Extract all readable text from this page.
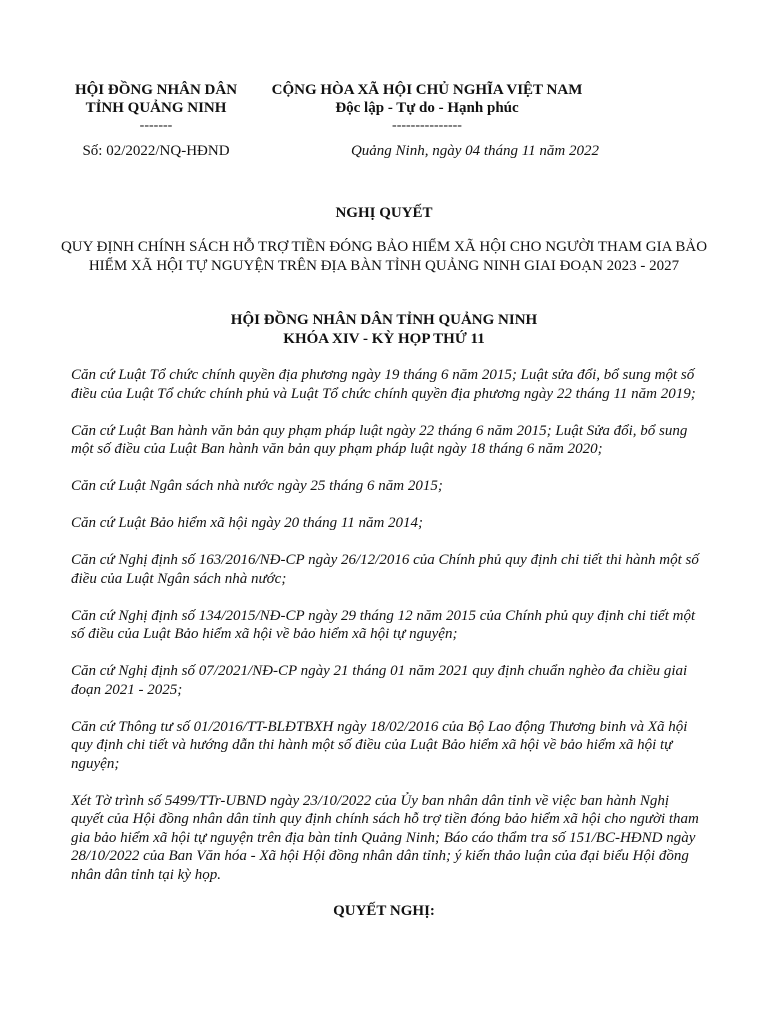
HỘI ĐỒNG NHÂN DÂN
TỈNH QUẢNG NINH
-------
CỘNG HÒA XÃ HỘI CHỦ NGHĨA VIỆT NAM
Độc lập - Tự do - Hạnh phúc
---------------
Số: 02/2022/NQ-HĐND	Quảng Ninh, ngày 04 tháng 11 năm 2022
NGHỊ QUYẾT
QUY ĐỊNH CHÍNH SÁCH HỖ TRỢ TIỀN ĐÓNG BẢO HIỂM XÃ HỘI CHO NGƯỜI THAM GIA BẢO HIỂM XÃ HỘI TỰ NGUYỆN TRÊN ĐỊA BÀN TỈNH QUẢNG NINH GIAI ĐOẠN 2023 - 2027
HỘI ĐỒNG NHÂN DÂN TỈNH QUẢNG NINH
KHÓA XIV - KỲ HỌP THỨ 11

Căn cứ Luật Tổ chức chính quyền địa phương ngày 19 tháng 6 năm 2015; Luật sửa đổi, bổ sung một số điều của Luật Tổ chức chính phủ và Luật Tổ chức chính quyền địa phương ngày 22 tháng 11 năm 2019;

Căn cứ Luật Ban hành văn bản quy phạm pháp luật ngày 22 tháng 6 năm 2015; Luật Sửa đổi, bổ sung một số điều của Luật Ban hành văn bản quy phạm pháp luật ngày 18 tháng 6 năm 2020;

Căn cứ Luật Ngân sách nhà nước ngày 25 tháng 6 năm 2015;

Căn cứ Luật Bảo hiểm xã hội ngày 20 tháng 11 năm 2014;

Căn cứ Nghị định số 163/2016/NĐ-CP ngày 26/12/2016 của Chính phủ quy định chi tiết thi hành một số điều của Luật Ngân sách nhà nước;

Căn cứ Nghị định số 134/2015/NĐ-CP ngày 29 tháng 12 năm 2015 của Chính phủ quy định chi tiết một số điều của Luật Bảo hiểm xã hội về bảo hiểm xã hội tự nguyện;

Căn cứ Nghị định số 07/2021/NĐ-CP ngày 21 tháng 01 năm 2021 quy định chuẩn nghèo đa chiều giai đoạn 2021 - 2025;

Căn cứ Thông tư số 01/2016/TT-BLĐTBXH ngày 18/02/2016 của Bộ Lao động Thương binh và Xã hội quy định chi tiết và hướng dẫn thi hành một số điều của Luật Bảo hiểm xã hội về bảo hiểm xã hội tự nguyện;

Xét Tờ trình số 5499/TTr-UBND ngày 23/10/2022 của Ủy ban nhân dân tỉnh về việc ban hành Nghị quyết của Hội đồng nhân dân tỉnh quy định chính sách hỗ trợ tiền đóng bảo hiểm xã hội cho người tham gia bảo hiểm xã hội tự nguyện trên địa bàn tỉnh Quảng Ninh; Báo cáo thẩm tra số 151/BC-HĐND ngày 28/10/2022 của Ban Văn hóa - Xã hội Hội đồng nhân dân tỉnh; ý kiến thảo luận của đại biểu Hội đồng nhân dân tỉnh tại kỳ họp.

QUYẾT NGHỊ:
